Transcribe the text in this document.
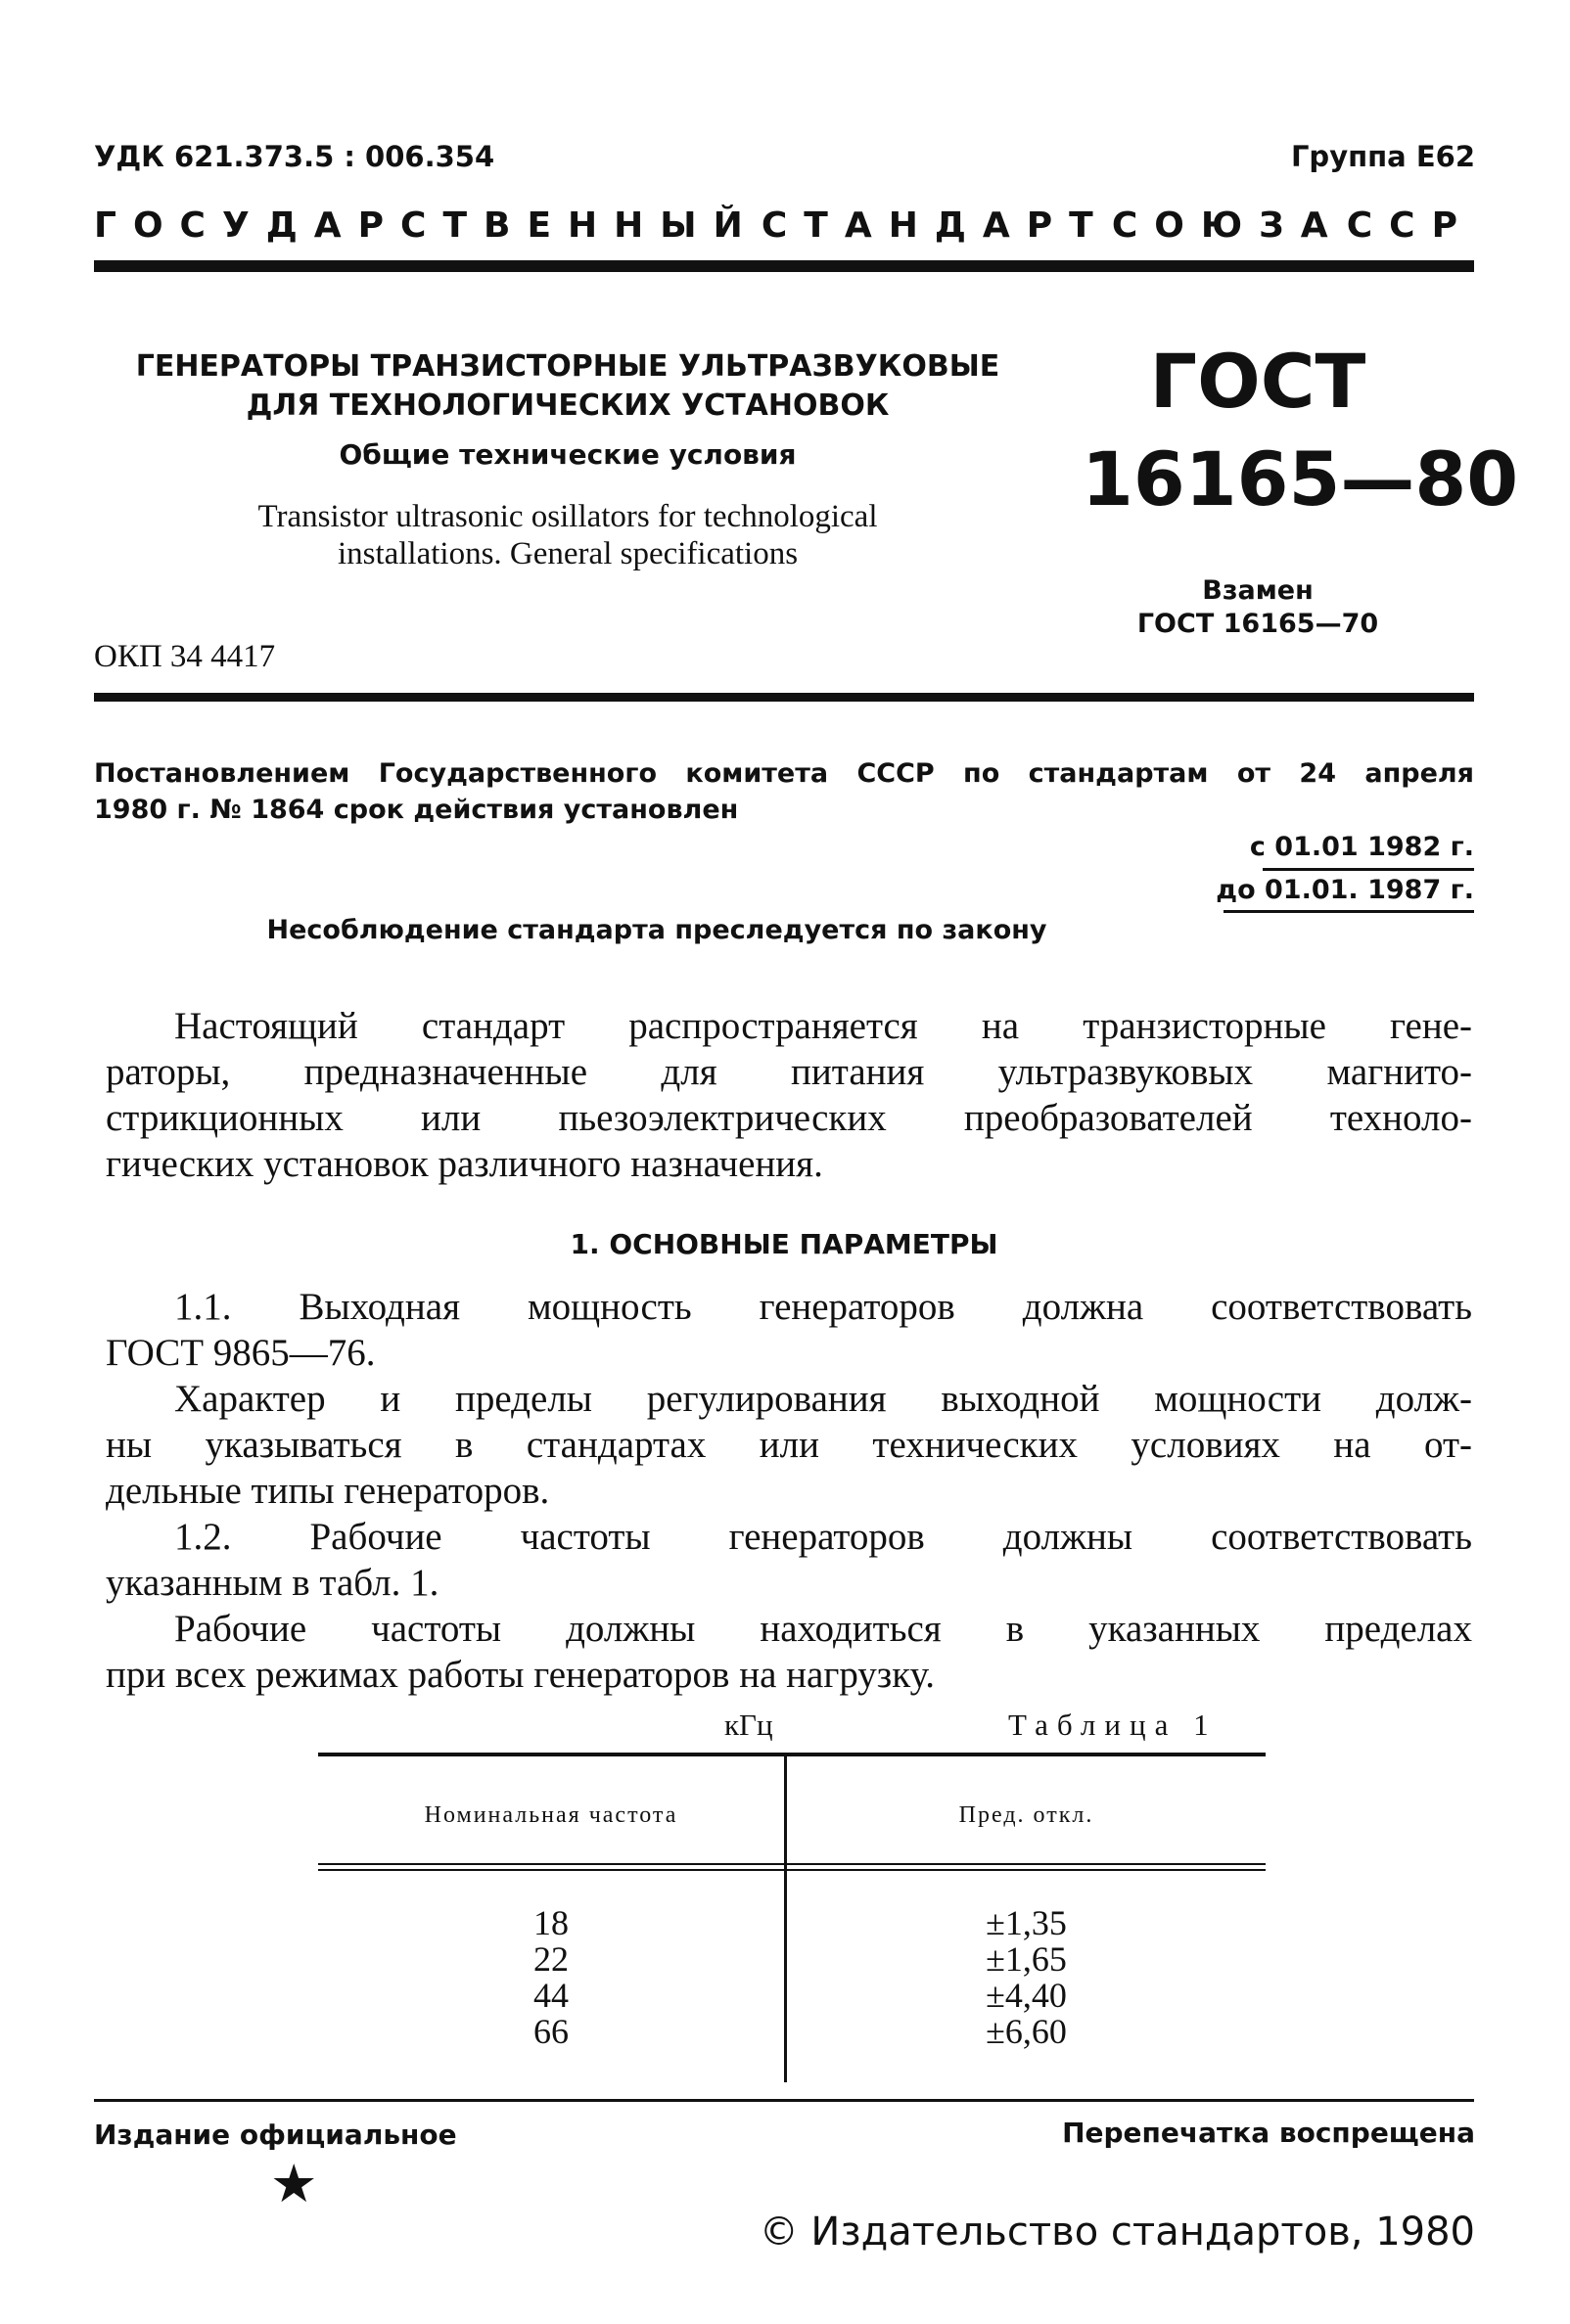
УДК 621.373.5 : 006.354	Группа Е62
ГОСУДАРСТВЕННЫЙ СТАНДАРТ СОЮЗА ССР
ГЕНЕРАТОРЫ ТРАНЗИСТОРНЫЕ УЛЬТРАЗВУКОВЫЕ
ДЛЯ ТЕХНОЛОГИЧЕСКИХ УСТАНОВОК
Общие технические условия
Transistor ultrasonic osillators for technological
installations. General specifications
ОКП 34 4417
ГОСТ
16165—80
Взамен
ГОСТ 16165—70
Постановлением Государственного комитета СССР по стандартам от 24 апреля
1980 г. № 1864 срок действия установлен
с 01.01 1982 г.
до 01.01. 1987 г.
Несоблюдение стандарта преследуется по закону
Настоящий стандарт распространяется на транзисторные гене-
раторы, предназначенные для питания ультразвуковых магнито-
стрикционных или пьезоэлектрических преобразователей техноло-
гических установок различного назначения.
1. ОСНОВНЫЕ ПАРАМЕТРЫ
1.1. Выходная мощность генераторов должна соответствовать
ГОСТ 9865—76.
Характер и пределы регулирования выходной мощности долж-
ны указываться в стандартах или технических условиях на от-
дельные типы генераторов.
1.2. Рабочие частоты генераторов должны соответствовать
указанным в табл. 1.
Рабочие частоты должны находиться в указанных пределах
при всех режимах работы генераторов на нагрузку.
кГц	Таблица 1
Номинальная частота	Пред. откл.
18	±1,35
22	±1,65
44	±4,40
66	±6,60
Издание официальное	Перепечатка воспрещена
★
© Издательство стандартов, 1980
